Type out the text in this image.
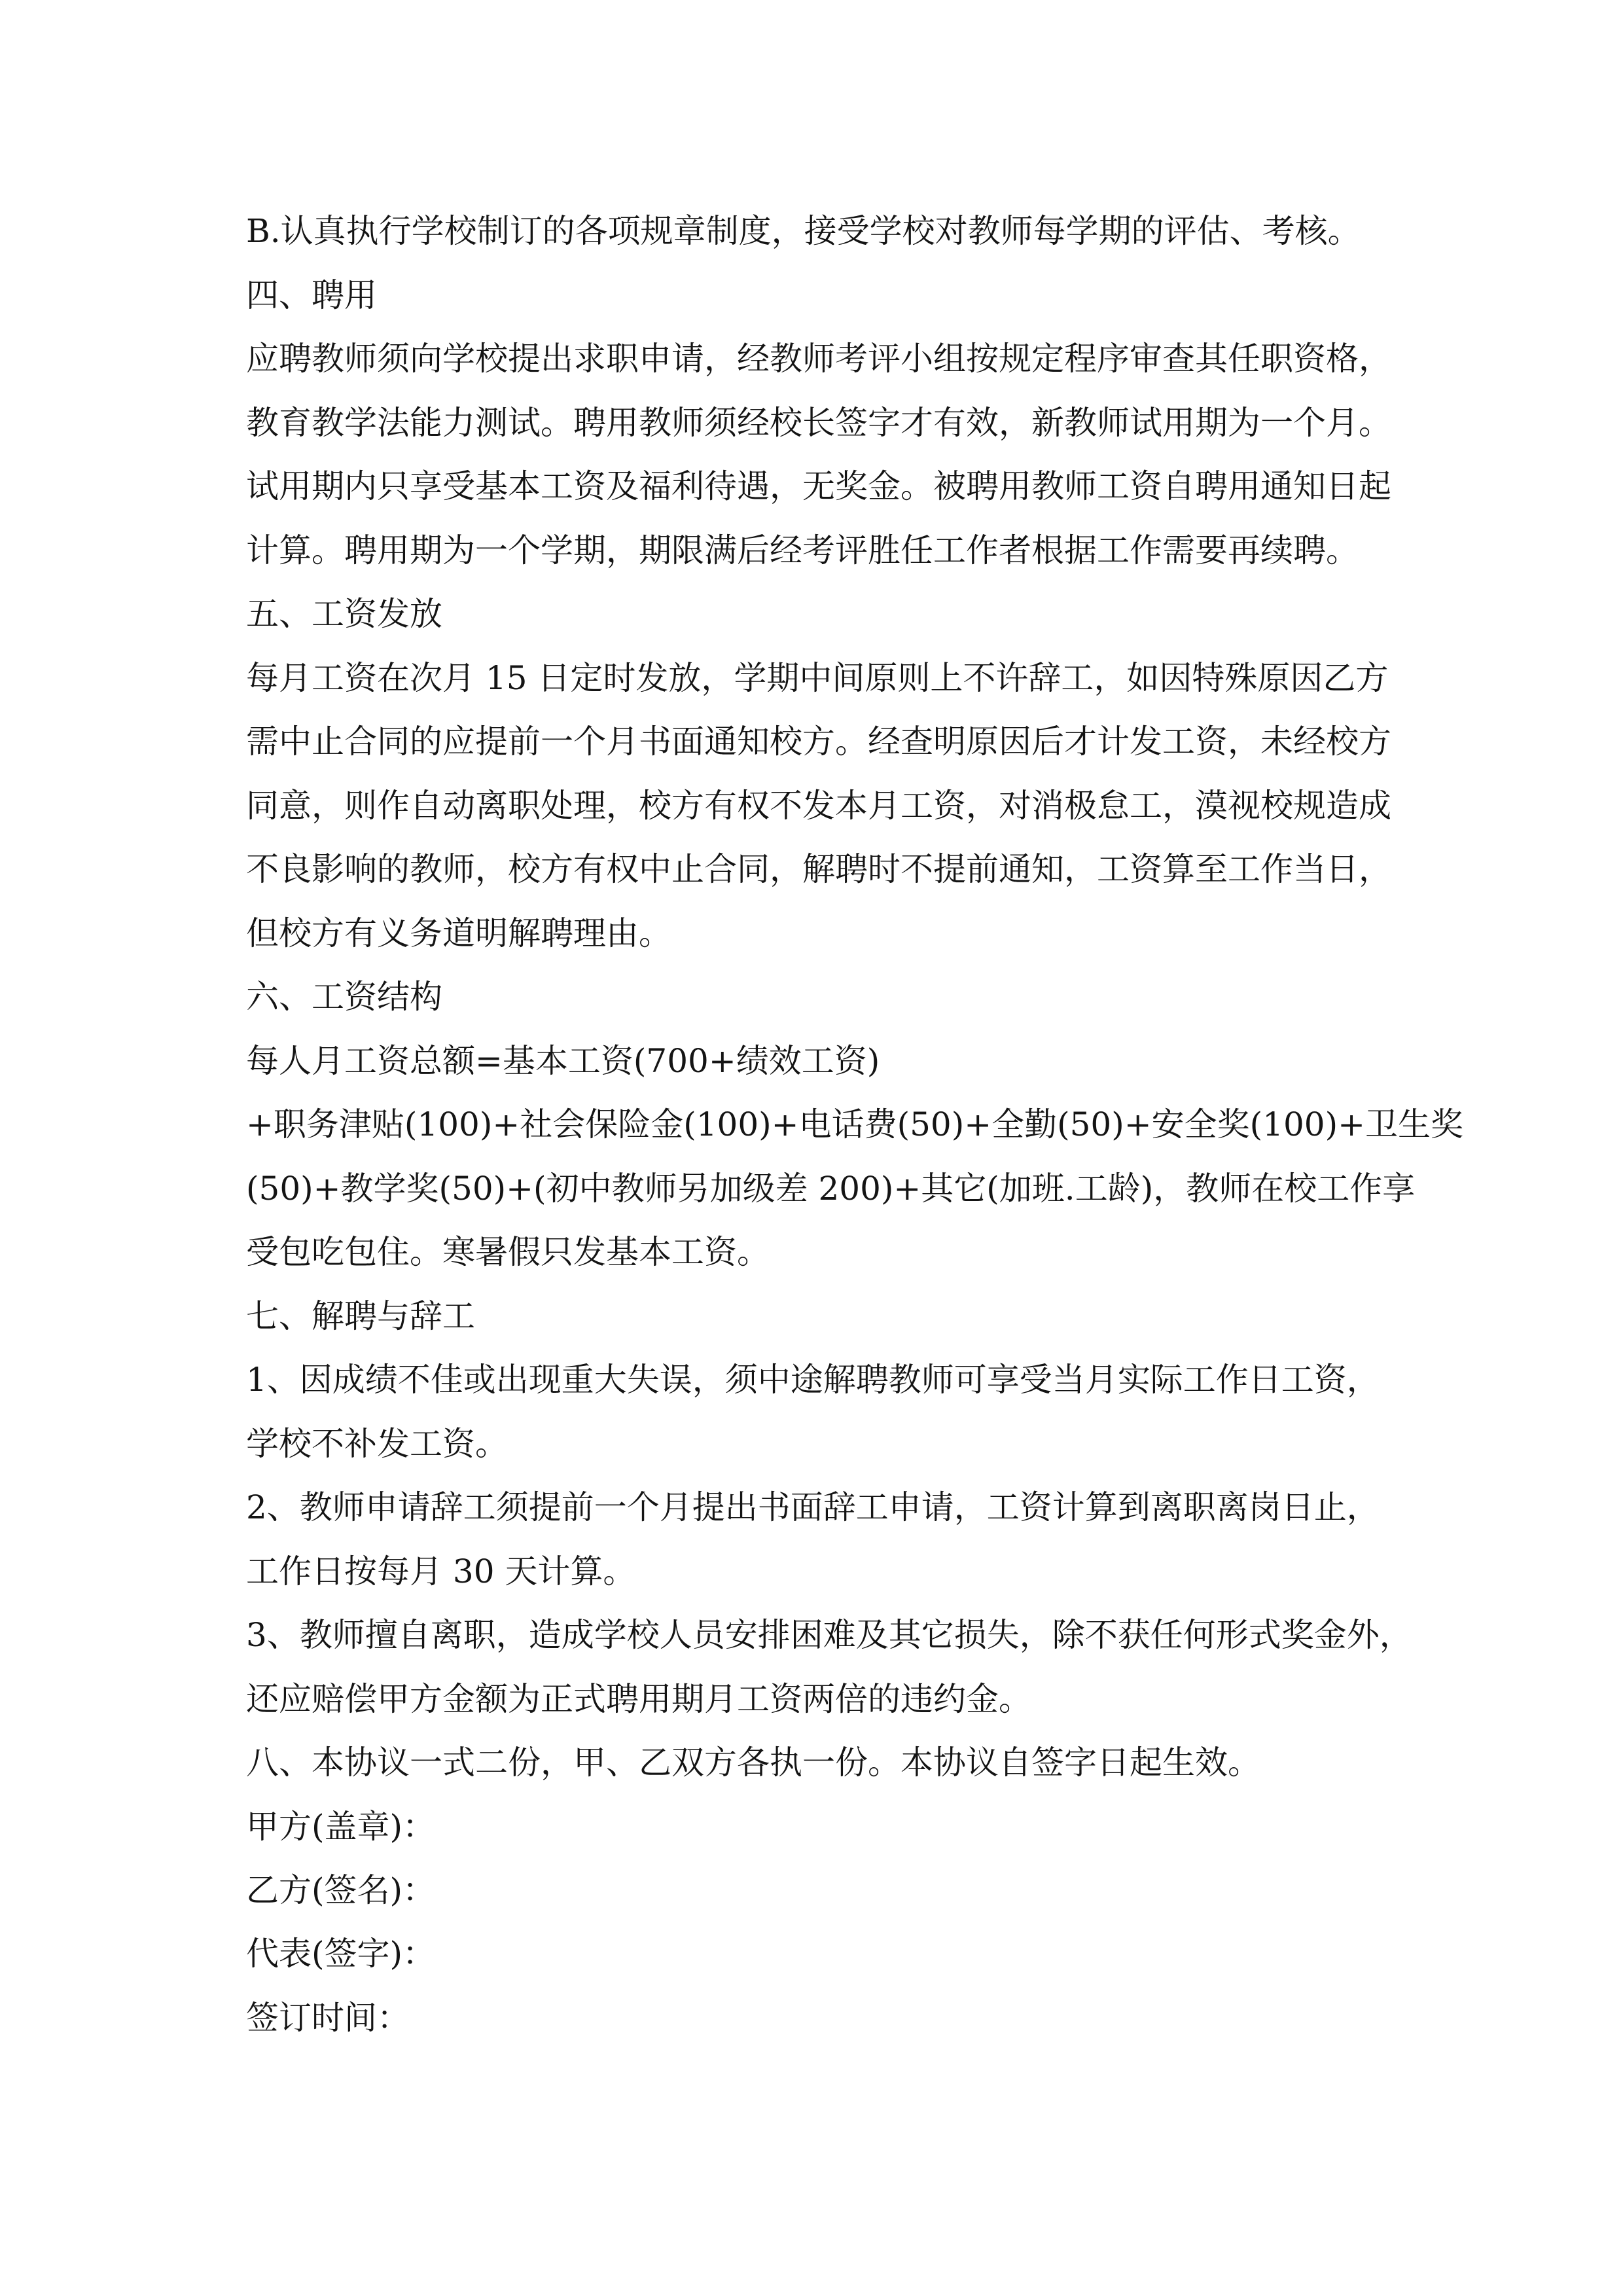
B.认真执行学校制订的各项规章制度，接受学校对教师每学期的评估、考核。
四、聘用
应聘教师须向学校提出求职申请，经教师考评小组按规定程序审查其任职资格，
教育教学法能力测试。聘用教师须经校长签字才有效，新教师试用期为一个月。
试用期内只享受基本工资及福利待遇，无奖金。被聘用教师工资自聘用通知日起
计算。聘用期为一个学期，期限满后经考评胜任工作者根据工作需要再续聘。
五、工资发放
每月工资在次月 15 日定时发放，学期中间原则上不许辞工，如因特殊原因乙方
需中止合同的应提前一个月书面通知校方。经查明原因后才计发工资，未经校方
同意，则作自动离职处理，校方有权不发本月工资，对消极怠工，漠视校规造成
不良影响的教师，校方有权中止合同，解聘时不提前通知，工资算至工作当日，
但校方有义务道明解聘理由。
六、工资结构
每人月工资总额=基本工资(700+绩效工资)
+职务津贴(100)+社会保险金(100)+电话费(50)+全勤(50)+安全奖(100)+卫生奖
(50)+教学奖(50)+(初中教师另加级差 200)+其它(加班.工龄)，教师在校工作享
受包吃包住。寒暑假只发基本工资。
七、解聘与辞工
1、因成绩不佳或出现重大失误，须中途解聘教师可享受当月实际工作日工资，
学校不补发工资。
2、教师申请辞工须提前一个月提出书面辞工申请，工资计算到离职离岗日止，
工作日按每月 30 天计算。
3、教师擅自离职，造成学校人员安排困难及其它损失，除不获任何形式奖金外，
还应赔偿甲方金额为正式聘用期月工资两倍的违约金。
八、本协议一式二份，甲、乙双方各执一份。本协议自签字日起生效。
甲方(盖章)：
乙方(签名)：
代表(签字)：
签订时间：
